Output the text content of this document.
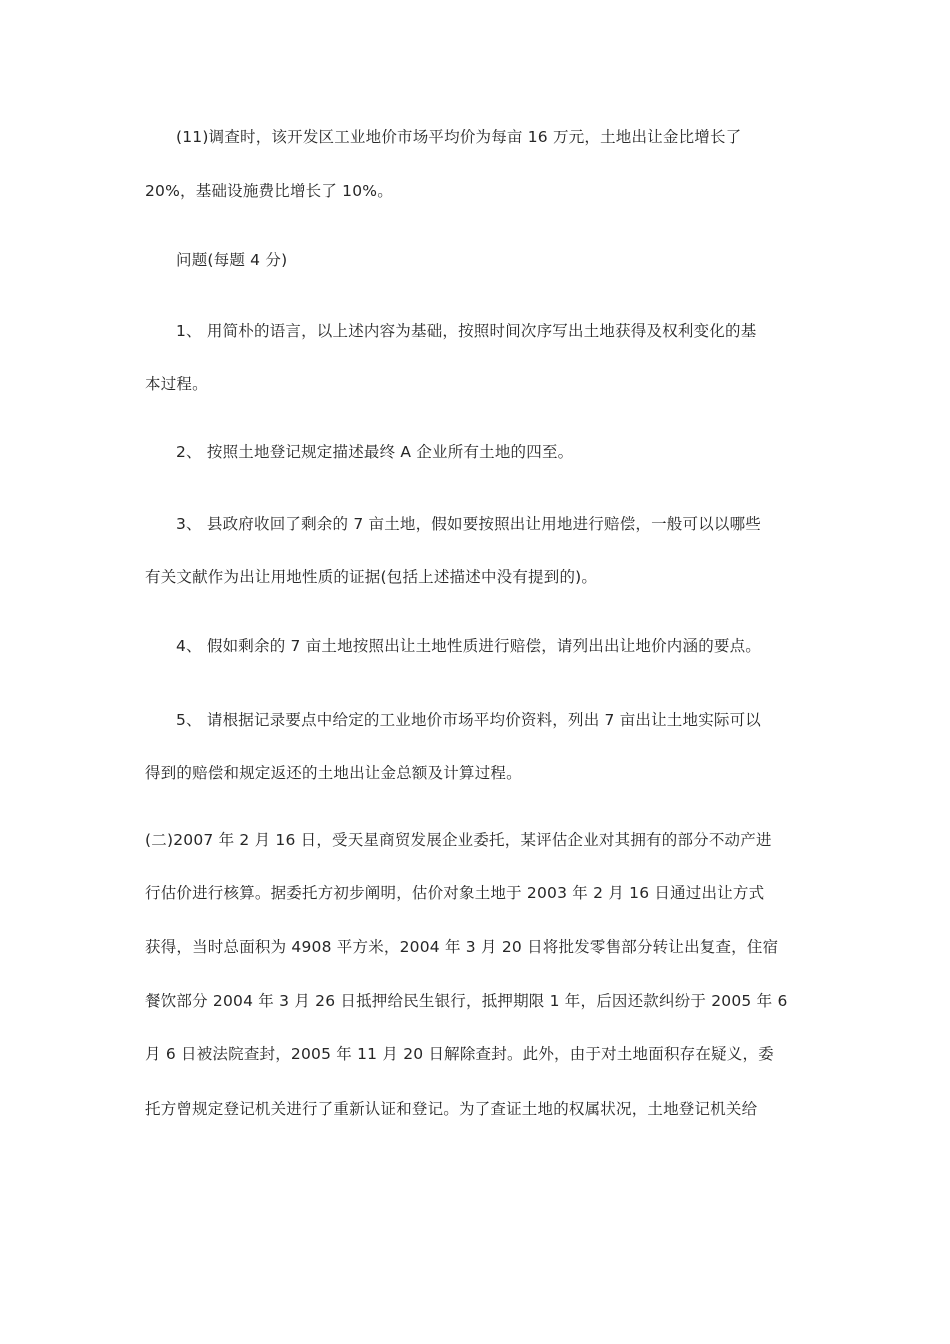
(11)调查时，该开发区工业地价市场平均价为每亩 16 万元，土地出让金比增长了
20%，基础设施费比增长了 10%。
问题(每题 4 分)
1、 用简朴的语言，以上述内容为基础，按照时间次序写出土地获得及权利变化的基
本过程。
2、 按照土地登记规定描述最终 A 企业所有土地的四至。
3、 县政府收回了剩余的 7 亩土地，假如要按照出让用地进行赔偿，一般可以以哪些
有关文献作为出让用地性质的证据(包括上述描述中没有提到的)。
4、 假如剩余的 7 亩土地按照出让土地性质进行赔偿，请列出出让地价内涵的要点。
5、 请根据记录要点中给定的工业地价市场平均价资料，列出 7 亩出让土地实际可以
得到的赔偿和规定返还的土地出让金总额及计算过程。
(二)2007 年 2 月 16 日，受天星商贸发展企业委托，某评估企业对其拥有的部分不动产进
行估价进行核算。据委托方初步阐明，估价对象土地于 2003 年 2 月 16 日通过出让方式
获得，当时总面积为 4908 平方米，2004 年 3 月 20 日将批发零售部分转让出复查，住宿
餐饮部分 2004 年 3 月 26 日抵押给民生银行，抵押期限 1 年，后因还款纠纷于 2005 年 6
月 6 日被法院查封，2005 年 11 月 20 日解除查封。此外，由于对土地面积存在疑义，委
托方曾规定登记机关进行了重新认证和登记。为了查证土地的权属状况，土地登记机关给
